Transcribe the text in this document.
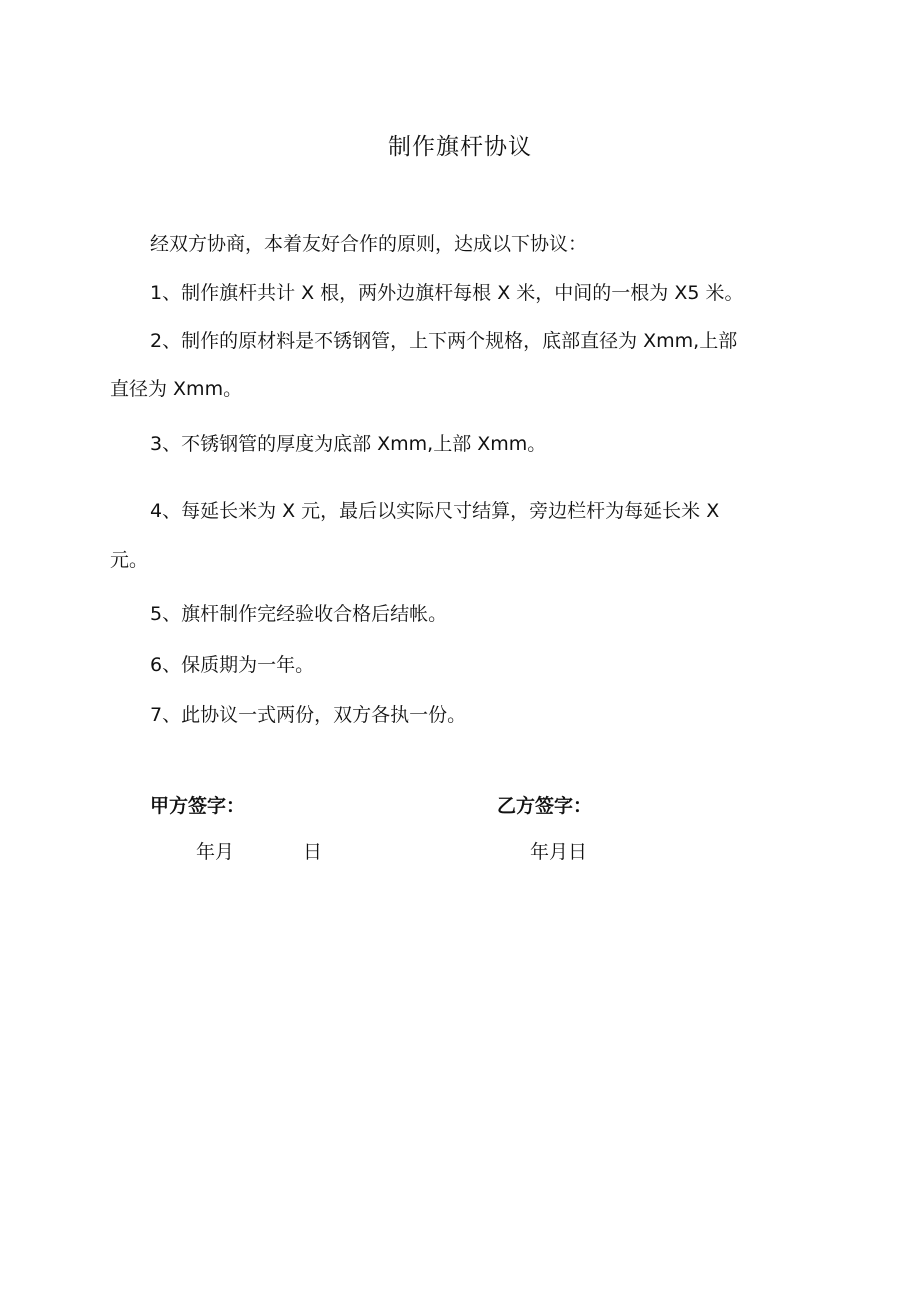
制作旗杆协议
经双方协商，本着友好合作的原则，达成以下协议：
1、制作旗杆共计 X 根，两外边旗杆每根 X 米，中间的一根为 X5 米。
2、制作的原材料是不锈钢管，上下两个规格，底部直径为 Xmm,上部
直径为 Xmm。
3、不锈钢管的厚度为底部 Xmm,上部 Xmm。
4、每延长米为 X 元，最后以实际尺寸结算，旁边栏杆为每延长米 X
元。
5、旗杆制作完经验收合格后结帐。
6、保质期为一年。
7、此协议一式两份，双方各执一份。
甲方签字：	乙方签字：
年月	日	年月日
